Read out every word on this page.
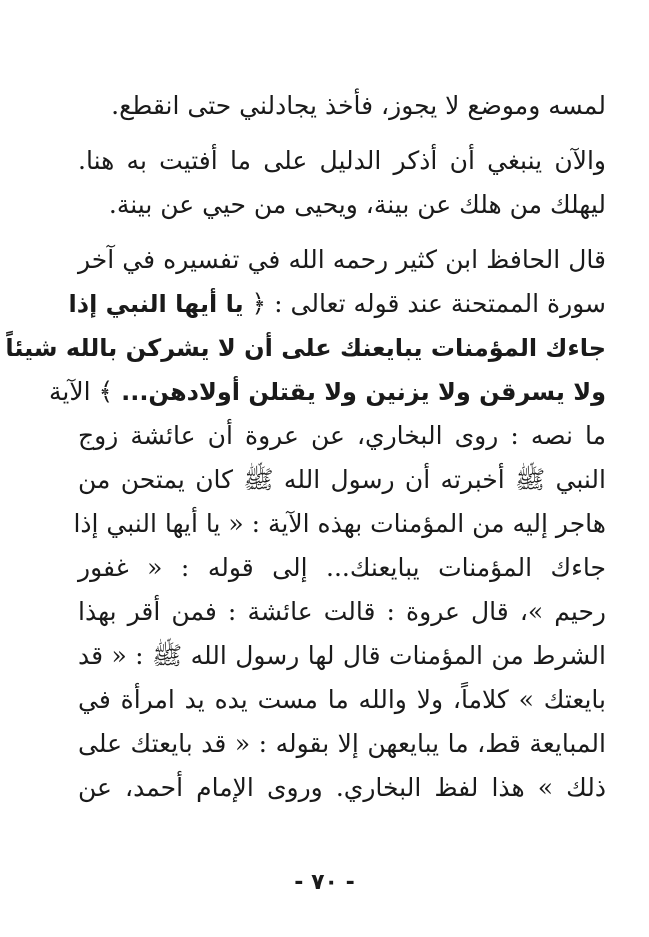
لمسه وموضع لا يجوز، فأخذ يجادلني حتى انقطع.
والآن ينبغي أن أذكر الدليل على ما أفتيت به هنا.
ليهلك من هلك عن بينة، ويحيى من حيي عن بينة.
قال الحافظ ابن كثير رحمه الله في تفسيره في آخر
سورة الممتحنة عند قوله تعالى : ﴿ يا أيها النبي إذا
جاءك المؤمنات يبايعنك على أن لا يشركن بالله شيئاً
ولا يسرقن ولا يزنين ولا يقتلن أولادهن... ﴾ الآية
ما نصه : روى البخاري، عن عروة أن عائشة زوج
النبي ﷺ أخبرته أن رسول الله ﷺ كان يمتحن من
هاجر إليه من المؤمنات بهذه الآية : « يا أيها النبي إذا
جاءك المؤمنات يبايعنك... إلى قوله : « غفور
رحيم »، قال عروة : قالت عائشة : فمن أقر بهذا
الشرط من المؤمنات قال لها رسول الله ﷺ : « قد
بايعتك » كلاماً، ولا والله ما مست يده يد امرأة في
المبايعة قط، ما يبايعهن إلا بقوله : « قد بايعتك على
ذلك » هذا لفظ البخاري. وروى الإمام أحمد، عن
- ٧٠ -
